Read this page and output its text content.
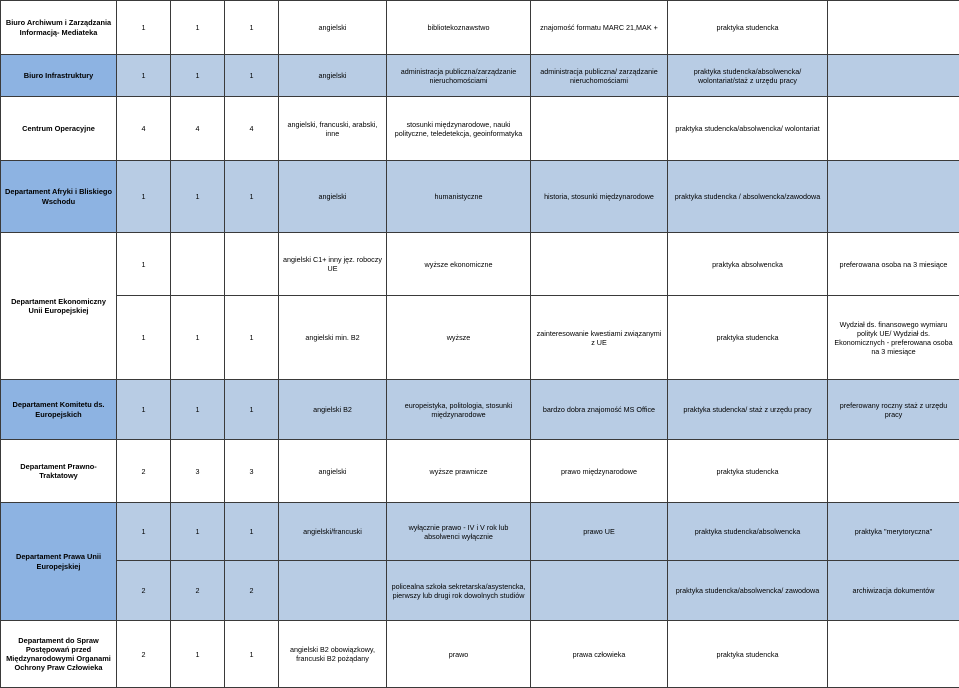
Biuro Archiwum i Zarządzania Informacją- Mediateka	1	1	1	angielski	bibliotekoznawstwo	znajomość formatu MARC 21,MAK +	praktyka studencka	
Biuro Infrastruktury	1	1	1	angielski	administracja publiczna/zarządzanie nieruchomościami	administracja publiczna/ zarządzanie nieruchomościami	praktyka studencka/absolwencka/ wolontariat/staż z urzędu pracy	
Centrum Operacyjne	4	4	4	angielski, francuski, arabski, inne	stosunki międzynarodowe, nauki polityczne, teledetekcja, geoinformatyka		praktyka studencka/absolwencka/ wolontariat	
Departament Afryki i Bliskiego Wschodu	1	1	1	angielski	humanistyczne	historia, stosunki międzynarodowe	praktyka studencka / absolwencka/zawodowa	
Departament Ekonomiczny Unii Europejskiej	1			angielski C1+ inny jęz. roboczy UE	wyższe ekonomiczne		praktyka absolwencka	preferowana osoba na 3 miesiące
	1	1	1	angielski min. B2	wyższe	zainteresowanie kwestiami związanymi z UE	praktyka studencka	Wydział ds. finansowego wymiaru polityk UE/ Wydział ds. Ekonomicznych - preferowana osoba na 3 miesiące
Departament Komitetu ds. Europejskich	1	1	1	angielski B2	europeistyka, politologia, stosunki międzynarodowe	bardzo dobra znajomość MS Office	praktyka studencka/ staż z urzędu pracy	preferowany roczny staż z urzędu pracy
Departament Prawno-Traktatowy	2	3	3	angielski	wyższe prawnicze	prawo międzynarodowe	praktyka studencka	
Departament Prawa Unii Europejskiej	1	1	1	angielski/francuski	wyłącznie prawo - IV i V rok lub absolwenci wyłącznie	prawo UE	praktyka studencka/absolwencka	praktyka "merytoryczna"
	2	2	2		policealna szkoła sekretarska/asystencka, pierwszy lub drugi rok dowolnych studiów		praktyka studencka/absolwencka/ zawodowa	archiwizacja dokumentów
Departament do Spraw Postępowań przed Międzynarodowymi Organami Ochrony Praw Człowieka	2	1	1	angielski B2 obowiązkowy, francuski B2 pożądany	prawo	prawa człowieka	praktyka studencka	
